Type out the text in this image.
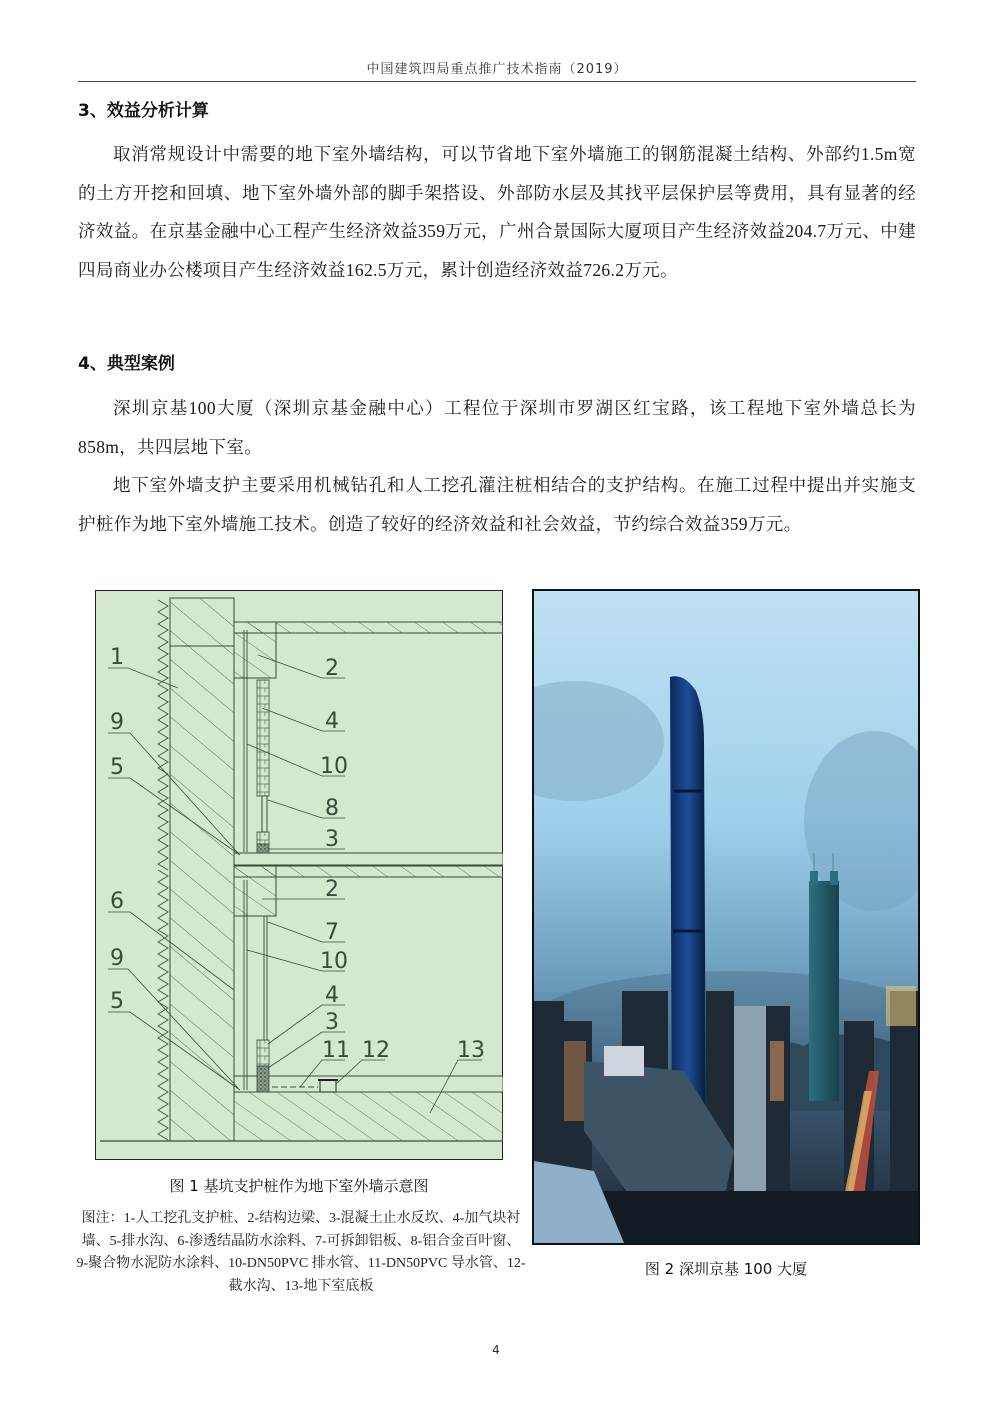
中国建筑四局重点推广技术指南（2019）
3、效益分析计算
取消常规设计中需要的地下室外墙结构，可以节省地下室外墙施工的钢筋混凝土结构、外部约1.5m宽的土方开挖和回填、地下室外墙外部的脚手架搭设、外部防水层及其找平层保护层等费用，具有显著的经济效益。在京基金融中心工程产生经济效益359万元，广州合景国际大厦项目产生经济效益204.7万元、中建四局商业办公楼项目产生经济效益162.5万元，累计创造经济效益726.2万元。
4、典型案例
深圳京基100大厦（深圳京基金融中心）工程位于深圳市罗湖区红宝路，该工程地下室外墙总长为858m，共四层地下室。
地下室外墙支护主要采用机械钻孔和人工挖孔灌注桩相结合的支护结构。在施工过程中提出并实施支护桩作为地下室外墙施工技术。创造了较好的经济效益和社会效益，节约综合效益359万元。
1
9
5
2
4
10
8
3
2
6
7
9	10
5	4
3
11 12	13
图 1 基坑支护桩作为地下室外墙示意图
图注：1-人工挖孔支护桩、2-结构边梁、3-混凝土止水反坎、4-加气块衬墙、5-排水沟、6-渗透结晶防水涂料、7-可拆卸铝板、8-铝合金百叶窗、9-聚合物水泥防水涂料、10-DN50PVC 排水管、11-DN50PVC 导水管、12-截水沟、13-地下室底板
图 2 深圳京基 100 大厦
4
